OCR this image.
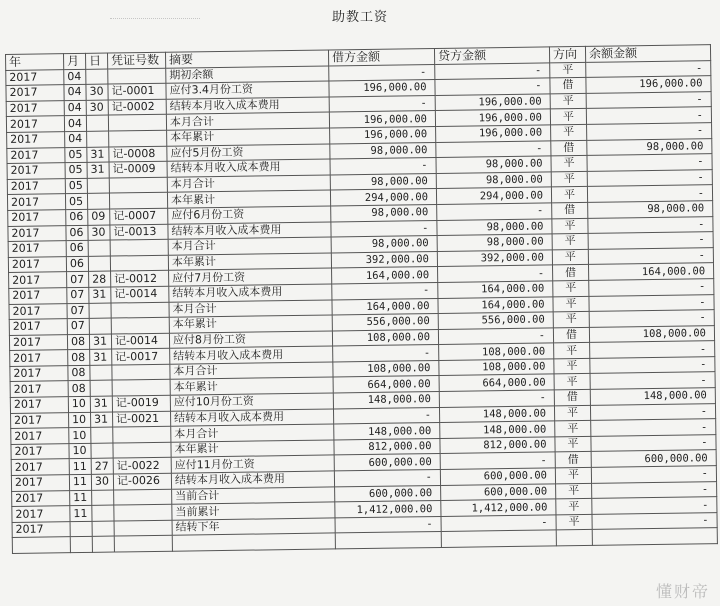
助教工资
年	月	日	凭证号数	摘要	借方金额	贷方金额	方向	余额金额
2017	04			期初余额	-	-	平	-
2017	04	30	记-0001	应付3.4月份工资	196,000.00	-	借	196,000.00
2017	04	30	记-0002	结转本月收入成本费用	-	196,000.00	平	-
2017	04			本月合计	196,000.00	196,000.00	平	-
2017	04			本年累计	196,000.00	196,000.00	平	-
2017	05	31	记-0008	应付5月份工资	98,000.00	-	借	98,000.00
2017	05	31	记-0009	结转本月收入成本费用	-	98,000.00	平	-
2017	05			本月合计	98,000.00	98,000.00	平	-
2017	05			本年累计	294,000.00	294,000.00	平	-
2017	06	09	记-0007	应付6月份工资	98,000.00	-	借	98,000.00
2017	06	30	记-0013	结转本月收入成本费用	-	98,000.00	平	-
2017	06			本月合计	98,000.00	98,000.00	平	-
2017	06			本年累计	392,000.00	392,000.00	平	-
2017	07	28	记-0012	应付7月份工资	164,000.00	-	借	164,000.00
2017	07	31	记-0014	结转本月收入成本费用	-	164,000.00	平	-
2017	07			本月合计	164,000.00	164,000.00	平	-
2017	07			本年累计	556,000.00	556,000.00	平	-
2017	08	31	记-0014	应付8月份工资	108,000.00	-	借	108,000.00
2017	08	31	记-0017	结转本月收入成本费用	-	108,000.00	平	-
2017	08			本月合计	108,000.00	108,000.00	平	-
2017	08			本年累计	664,000.00	664,000.00	平	-
2017	10	31	记-0019	应付10月份工资	148,000.00	-	借	148,000.00
2017	10	31	记-0021	结转本月收入成本费用	-	148,000.00	平	-
2017	10			本月合计	148,000.00	148,000.00	平	-
2017	10			本年累计	812,000.00	812,000.00	平	-
2017	11	27	记-0022	应付11月份工资	600,000.00	-	借	600,000.00
2017	11	30	记-0026	结转本月收入成本费用	-	600,000.00	平	-
2017	11			当前合计	600,000.00	600,000.00	平	-
2017	11			当前累计	1,412,000.00	1,412,000.00	平	-
2017				结转下年	-	-	平	-

懂财帝
